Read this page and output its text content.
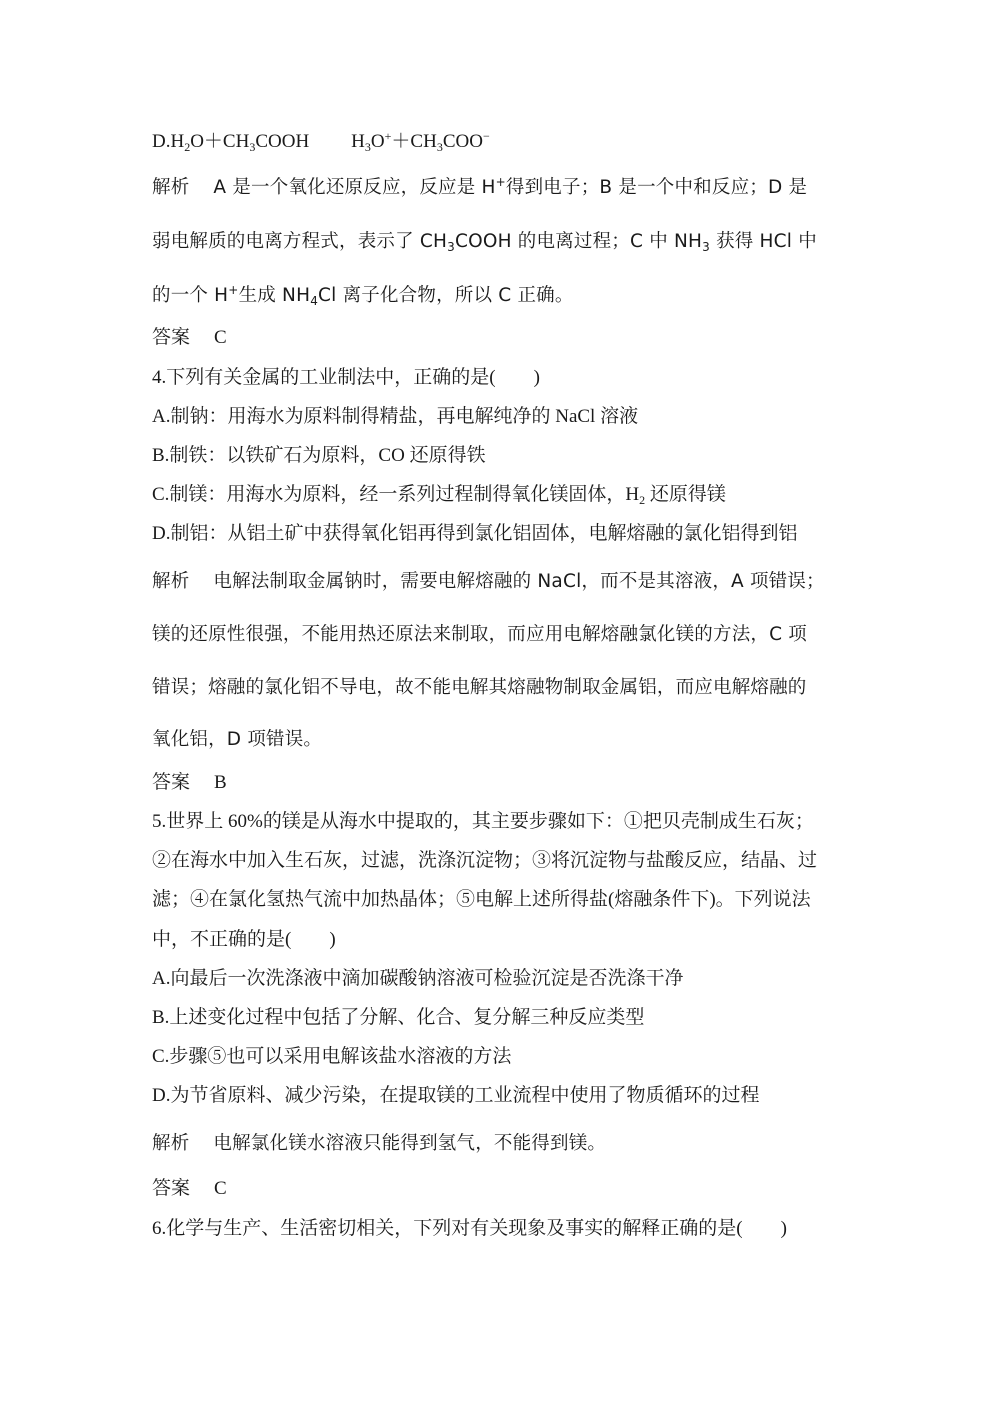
$D.H_2O+CH_3COOH$ $H_3O^++CH_3COO^-$
解析 A 是一个氧化还原反应，反应是 H+得到电子；B 是一个中和反应；D 是
弱电解质的电离方程式，表示了 $CH_3COOH$ 的电离过程；C 中 $NH_3$ 获得 HCl 中
的一个 H+生成 $NH_4Cl$ 离子化合物，所以 C 正确。
答案 C
4.下列有关金属的工业制法中，正确的是(　　)
A.制钠：用海水为原料制得精盐，再电解纯净的 NaCl 溶液
B.制铁：以铁矿石为原料，CO 还原得铁
C.制镁：用海水为原料，经一系列过程制得氧化镁固体，$H_2$ 还原得镁
D.制铝：从铝土矿中获得氧化铝再得到氯化铝固体，电解熔融的氯化铝得到铝
解析 电解法制取金属钠时，需要电解熔融的 NaCl，而不是其溶液，A 项错误；
镁的还原性很强，不能用热还原法来制取，而应用电解熔融氯化镁的方法，C 项
错误；熔融的氯化铝不导电，故不能电解其熔融物制取金属铝，而应电解熔融的
氧化铝，D 项错误。
答案 B
5.世界上 60%的镁是从海水中提取的，其主要步骤如下：①把贝壳制成生石灰；
②在海水中加入生石灰，过滤，洗涤沉淀物；③将沉淀物与盐酸反应，结晶、过
滤；④在氯化氢热气流中加热晶体；⑤电解上述所得盐(熔融条件下)。下列说法
中，不正确的是(　　)
A.向最后一次洗涤液中滴加碳酸钠溶液可检验沉淀是否洗涤干净
B.上述变化过程中包括了分解、化合、复分解三种反应类型
C.步骤⑤也可以采用电解该盐水溶液的方法
D.为节省原料、减少污染，在提取镁的工业流程中使用了物质循环的过程
解析 电解氯化镁水溶液只能得到氢气，不能得到镁。
答案 C
6.化学与生产、生活密切相关，下列对有关现象及事实的解释正确的是(　　)
